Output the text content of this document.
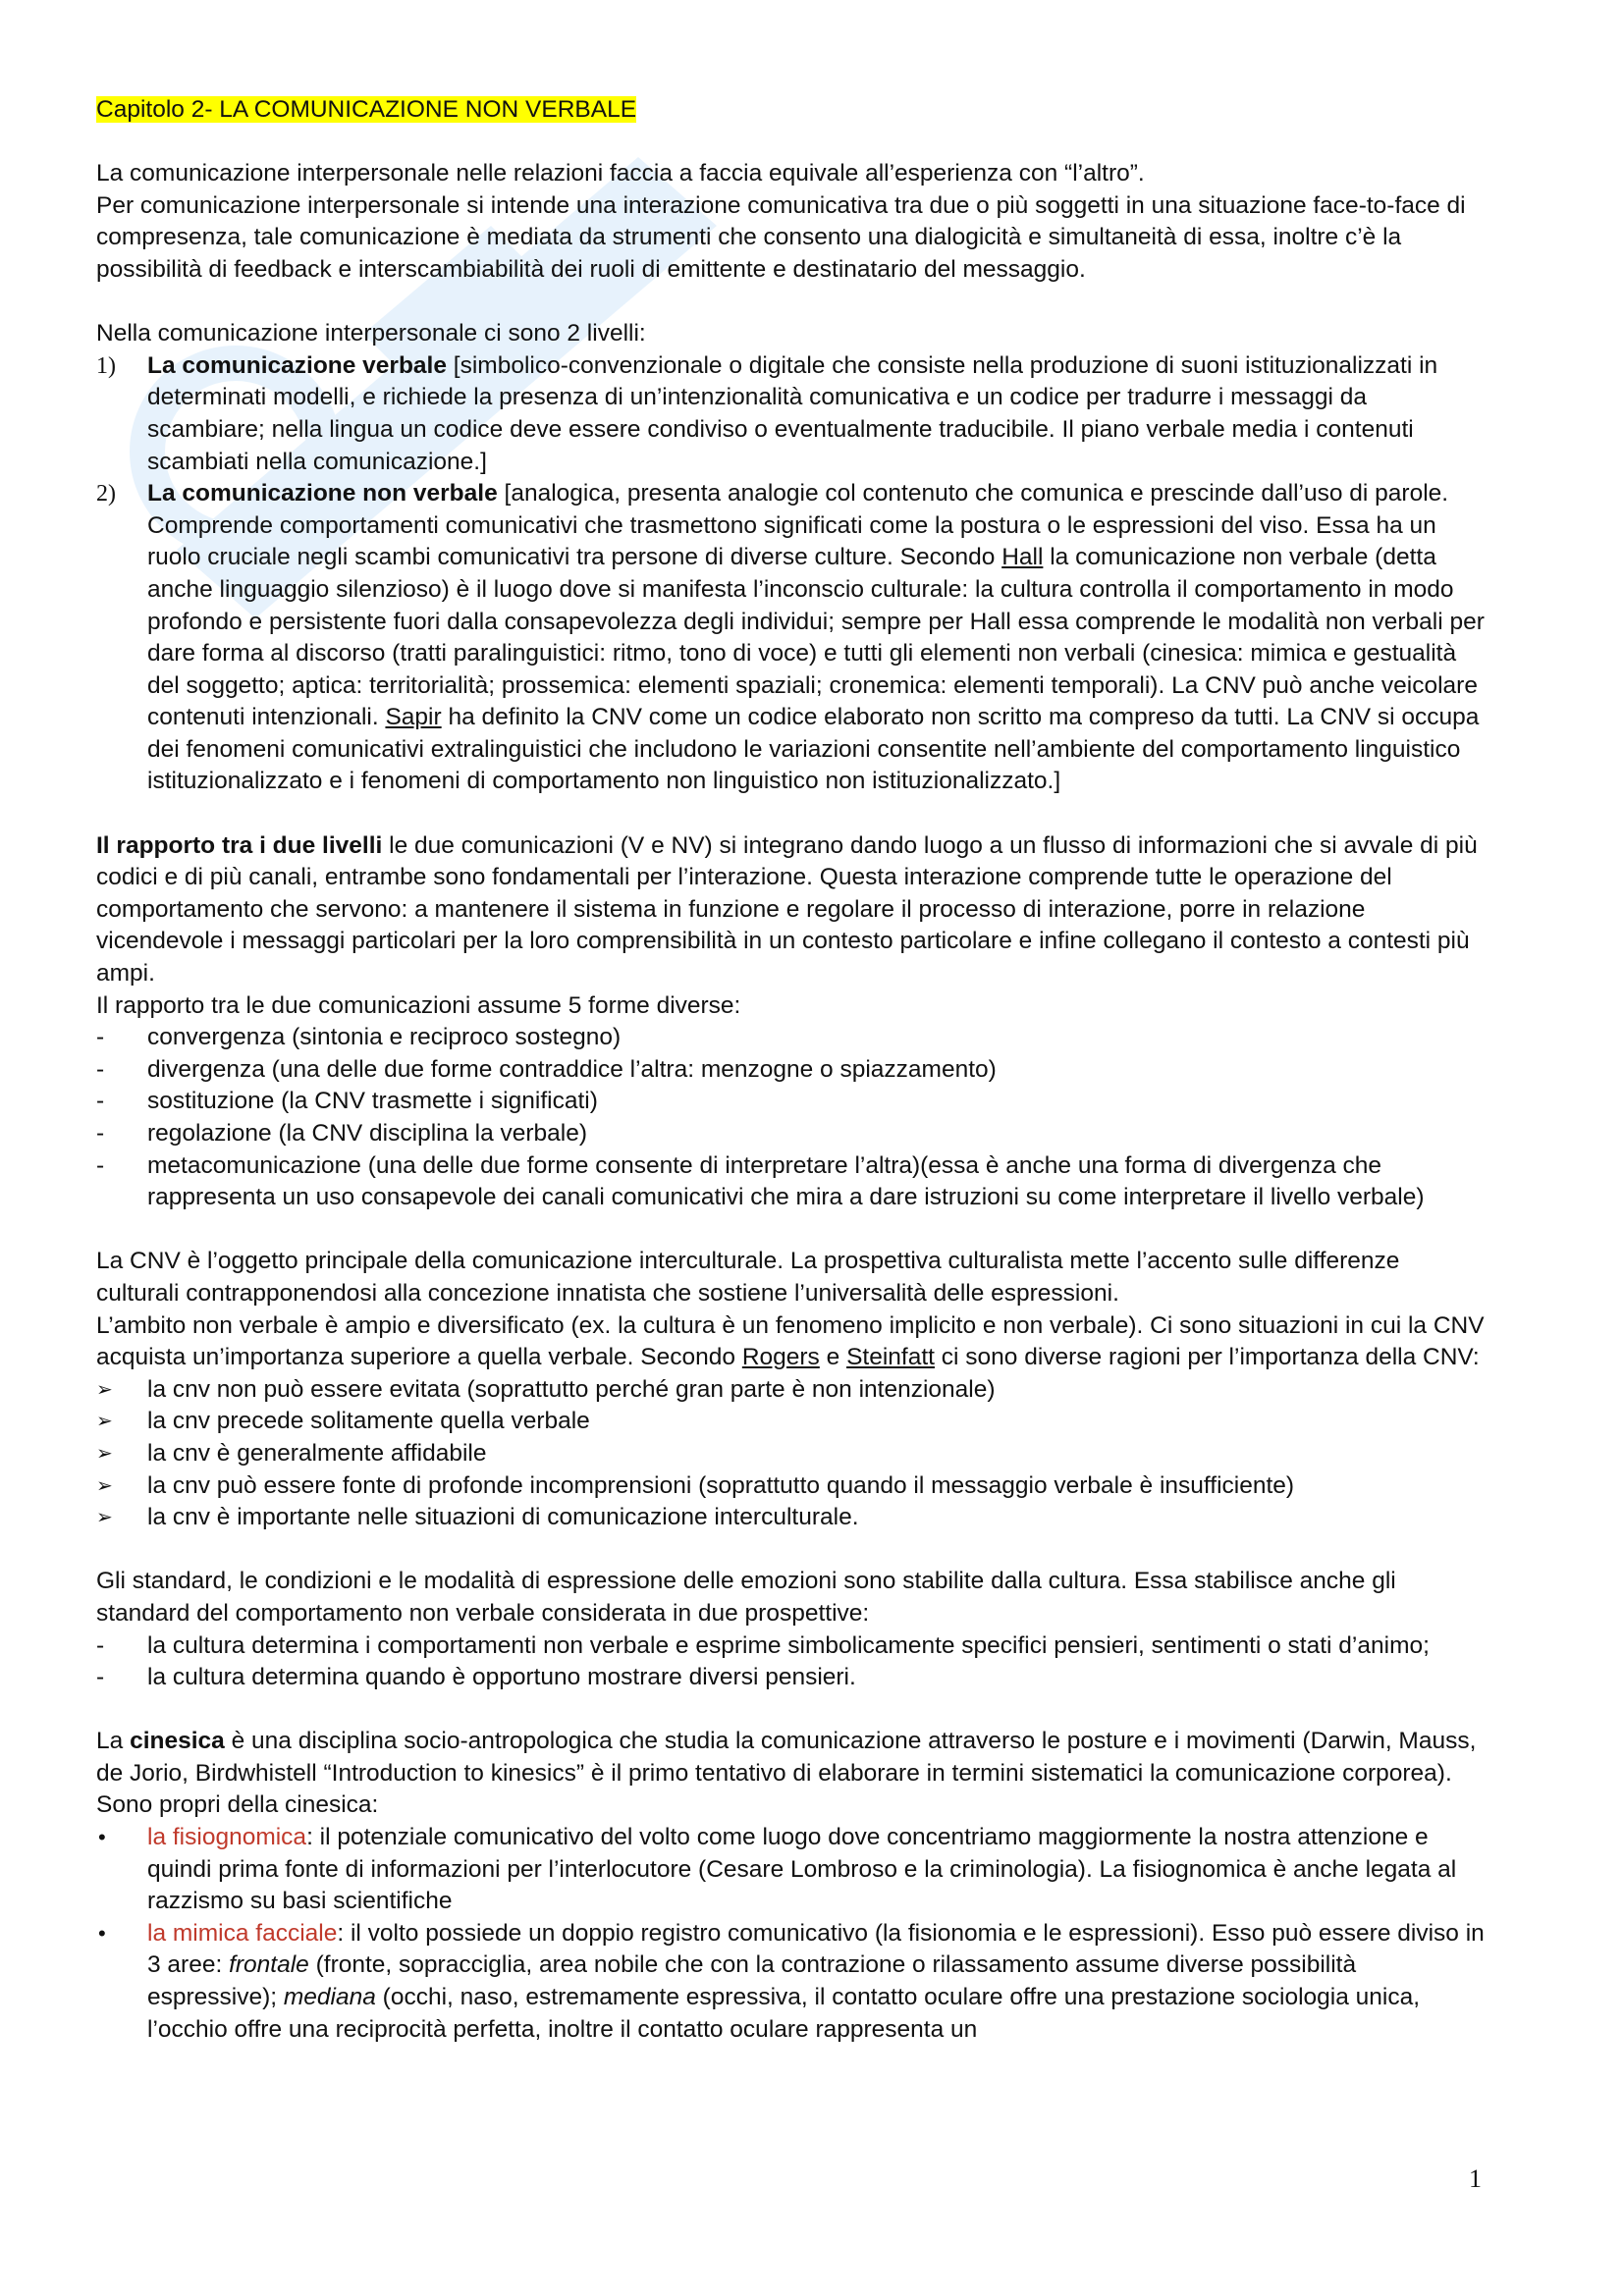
Capitolo 2- LA COMUNICAZIONE NON VERBALE

La comunicazione interpersonale nelle relazioni faccia a faccia equivale all’esperienza con “l’altro”.

Per comunicazione interpersonale si intende una interazione comunicativa tra due o più soggetti in una situazione face-to-face di compresenza, tale comunicazione è mediata da strumenti che consento una dialogicità e simultaneità di essa, inoltre c’è la possibilità di feedback e interscambiabilità dei ruoli di emittente e destinatario del messaggio.

Nella comunicazione interpersonale ci sono 2 livelli:

1) La comunicazione verbale [simbolico-convenzionale o digitale che consiste nella produzione di suoni istituzionalizzati in determinati modelli, e richiede la presenza di un’intenzionalità comunicativa e un codice per tradurre i messaggi da scambiare; nella lingua un codice deve essere condiviso o eventualmente traducibile. Il piano verbale media i contenuti scambiati nella comunicazione.]
2) La comunicazione non verbale [analogica, presenta analogie col contenuto che comunica e prescinde dall’uso di parole. Comprende comportamenti comunicativi che trasmettono significati come la postura o le espressioni del viso. Essa ha un ruolo cruciale negli scambi comunicativi tra persone di diverse culture. Secondo Hall la comunicazione non verbale (detta anche linguaggio silenzioso) è il luogo dove si manifesta l’inconscio culturale: la cultura controlla il comportamento in modo profondo e persistente fuori dalla consapevolezza degli individui; sempre per Hall essa comprende le modalità non verbali per dare forma al discorso (tratti paralinguistici: ritmo, tono di voce) e tutti gli elementi non verbali (cinesica: mimica e gestualità del soggetto; aptica: territorialità; prossemica: elementi spaziali; cronemica: elementi temporali). La CNV può anche veicolare contenuti intenzionali. Sapir ha definito la CNV come un codice elaborato non scritto ma compreso da tutti. La CNV si occupa dei fenomeni comunicativi extralinguistici che includono le variazioni consentite nell’ambiente del comportamento linguistico istituzionalizzato e i fenomeni di comportamento non linguistico non istituzionalizzato.]

Il rapporto tra i due livelli le due comunicazioni (V e NV) si integrano dando luogo a un flusso di informazioni che si avvale di più codici e di più canali, entrambe sono fondamentali per l’interazione. Questa interazione comprende tutte le operazione del comportamento che servono: a mantenere il sistema in funzione e regolare il processo di interazione, porre in relazione vicendevole i messaggi particolari per la loro comprensibilità in un contesto particolare e infine collegano il contesto a contesti più ampi.

Il rapporto tra le due comunicazioni assume 5 forme diverse:

- convergenza (sintonia e reciproco sostegno)
- divergenza (una delle due forme contraddice l’altra: menzogne o spiazzamento)
- sostituzione (la CNV trasmette i significati)
- regolazione (la CNV disciplina la verbale)
- metacomunicazione (una delle due forme consente di interpretare l’altra)(essa è anche una forma di divergenza che rappresenta un uso consapevole dei canali comunicativi che mira a dare istruzioni su come interpretare il livello verbale)

La CNV è l’oggetto principale della comunicazione interculturale. La prospettiva culturalista mette l’accento sulle differenze culturali contrapponendosi alla concezione innatista che sostiene l’universalità delle espressioni.

L’ambito non verbale è ampio e diversificato (ex. la cultura è un fenomeno implicito e non verbale). Ci sono situazioni in cui la CNV acquista un’importanza superiore a quella verbale. Secondo Rogers e Steinfatt ci sono diverse ragioni per l’importanza della CNV:

➢ la cnv non può essere evitata (soprattutto perché gran parte è non intenzionale)
➢ la cnv precede solitamente quella verbale
➢ la cnv è generalmente affidabile
➢ la cnv può essere fonte di profonde incomprensioni (soprattutto quando il messaggio verbale è insufficiente)
➢ la cnv è importante nelle situazioni di comunicazione interculturale.

Gli standard, le condizioni e le modalità di espressione delle emozioni sono stabilite dalla cultura. Essa stabilisce anche gli standard del comportamento non verbale considerata in due prospettive:

- la cultura determina i comportamenti non verbale e esprime simbolicamente specifici pensieri, sentimenti o stati d’animo;
- la cultura determina quando è opportuno mostrare diversi pensieri.

La cinesica è una disciplina socio-antropologica che studia la comunicazione attraverso le posture e i movimenti (Darwin, Mauss, de Jorio, Birdwhistell “Introduction to kinesics” è il primo tentativo di elaborare in termini sistematici la comunicazione corporea). Sono propri della cinesica:

• la fisiognomica: il potenziale comunicativo del volto come luogo dove concentriamo maggiormente la nostra attenzione e quindi prima fonte di informazioni per l’interlocutore (Cesare Lombroso e la criminologia). La fisiognomica è anche legata al razzismo su basi scientifiche
• la mimica facciale: il volto possiede un doppio registro comunicativo (la fisionomia e le espressioni). Esso può essere diviso in 3 aree: frontale (fronte, sopracciglia, area nobile che con la contrazione o rilassamento assume diverse possibilità espressive); mediana (occhi, naso, estremamente espressiva, il contatto oculare offre una prestazione sociologia unica, l’occhio offre una reciprocità perfetta, inoltre il contatto oculare rappresenta un
1
